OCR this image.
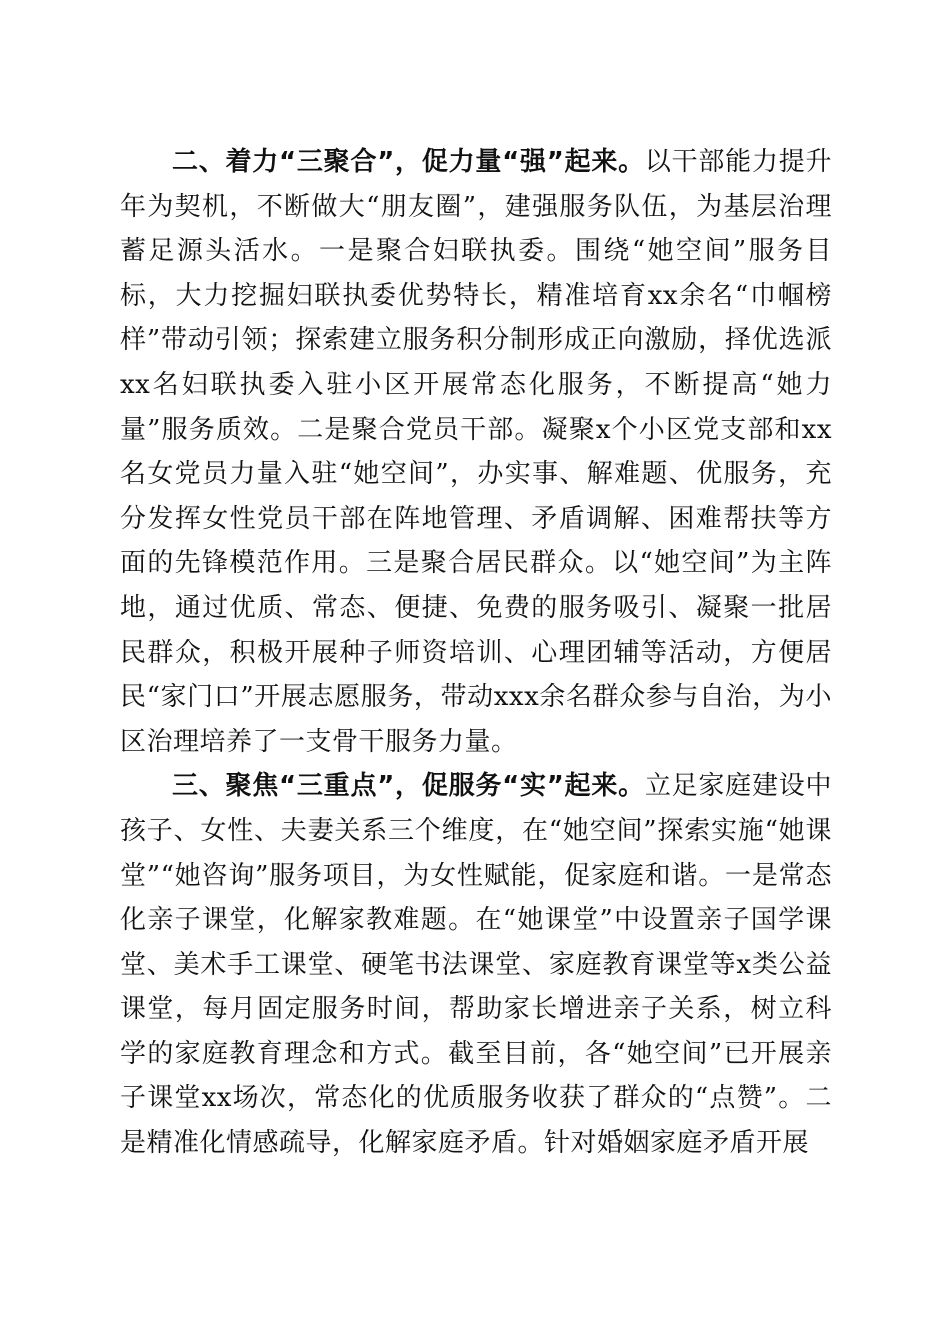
二、着力“三聚合”，促力量“强”起来。以干部能力提升年为契机，不断做大“朋友圈”，建强服务队伍，为基层治理蓄足源头活水。一是聚合妇联执委。围绕“她空间”服务目标，大力挖掘妇联执委优势特长，精准培育xx余名“巾帼榜样”带动引领；探索建立服务积分制形成正向激励，择优选派xx名妇联执委入驻小区开展常态化服务，不断提高“她力量”服务质效。二是聚合党员干部。凝聚x个小区党支部和xx名女党员力量入驻“她空间”，办实事、解难题、优服务，充分发挥女性党员干部在阵地管理、矛盾调解、困难帮扶等方面的先锋模范作用。三是聚合居民群众。以“她空间”为主阵地，通过优质、常态、便捷、免费的服务吸引、凝聚一批居民群众，积极开展种子师资培训、心理团辅等活动，方便居民“家门口”开展志愿服务，带动xxx余名群众参与自治，为小区治理培养了一支骨干服务力量。

三、聚焦“三重点”，促服务“实”起来。立足家庭建设中孩子、女性、夫妻关系三个维度，在“她空间”探索实施“她课堂”“她咨询”服务项目，为女性赋能，促家庭和谐。一是常态化亲子课堂，化解家教难题。在“她课堂”中设置亲子国学课堂、美术手工课堂、硬笔书法课堂、家庭教育课堂等x类公益课堂，每月固定服务时间，帮助家长增进亲子关系，树立科学的家庭教育理念和方式。截至目前，各“她空间”已开展亲子课堂xx场次，常态化的优质服务收获了群众的“点赞”。二是精准化情感疏导，化解家庭矛盾。针对婚姻家庭矛盾开展
